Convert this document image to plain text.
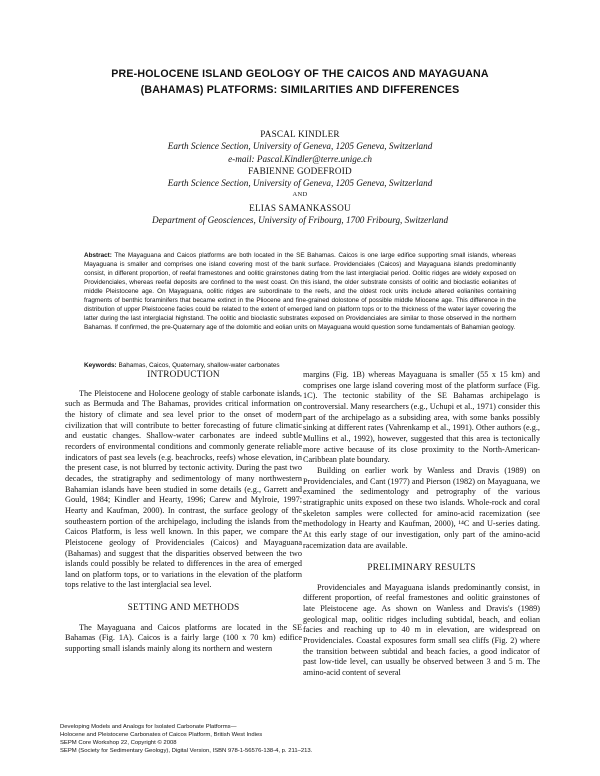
PRE-HOLOCENE ISLAND GEOLOGY OF THE CAICOS AND MAYAGUANA
(BAHAMAS) PLATFORMS: SIMILARITIES AND DIFFERENCES
PASCAL KINDLER
Earth Science Section, University of Geneva, 1205 Geneva, Switzerland
e-mail: Pascal.Kindler@terre.unige.ch
FABIENNE GODEFROID
Earth Science Section, University of Geneva, 1205 Geneva, Switzerland
AND
ELIAS SAMANKASSOU
Department of Geosciences, University of Fribourg, 1700 Fribourg, Switzerland
Abstract: The Mayaguana and Caicos platforms are both located in the SE Bahamas. Caicos is one large edifice supporting small islands, whereas Mayaguana is smaller and comprises one island covering most of the bank surface. Providenciales (Caicos) and Mayaguana islands predominantly consist, in different proportion, of reefal framestones and oolitic grainstones dating from the last interglacial period. Oolitic ridges are widely exposed on Providenciales, whereas reefal deposits are confined to the west coast. On this island, the older substrate consists of oolitic and bioclastic eolianites of middle Pleistocene age. On Mayaguana, oolitic ridges are subordinate to the reefs, and the oldest rock units include altered eolianites containing fragments of benthic foraminifers that became extinct in the Pliocene and fine-grained dolostone of possible middle Miocene age. This difference in the distribution of upper Pleistocene facies could be related to the extent of emerged land on platform tops or to the thickness of the water layer covering the latter during the last interglacial highstand. The oolitic and bioclastic substrates exposed on Providenciales are similar to those observed in the northern Bahamas. If confirmed, the pre-Quaternary age of the dolomitic and eolian units on Mayaguana would question some fundamentals of Bahamian geology.
Keywords: Bahamas, Caicos, Quaternary, shallow-water carbonates
INTRODUCTION

The Pleistocene and Holocene geology of stable carbonate islands, such as Bermuda and The Bahamas, provides critical information on the history of climate and sea level prior to the onset of modern civilization that will contribute to better forecasting of future climatic and eustatic changes. Shallow-water carbonates are indeed subtle recorders of environmental conditions and commonly generate reliable indicators of past sea levels (e.g. beachrocks, reefs) whose elevation, in the present case, is not blurred by tectonic activity. During the past two decades, the stratigraphy and sedimentology of many northwestern Bahamian islands have been studied in some details (e.g., Garrett and Gould, 1984; Kindler and Hearty, 1996; Carew and Mylroie, 1997; Hearty and Kaufman, 2000). In contrast, the surface geology of the southeastern portion of the archipelago, including the islands from the Caicos Platform, is less well known. In this paper, we compare the Pleistocene geology of Providenciales (Caicos) and Mayaguana (Bahamas) and suggest that the disparities observed between the two islands could possibly be related to differences in the area of emerged land on platform tops, or to variations in the elevation of the platform tops relative to the last interglacial sea level.

SETTING AND METHODS

The Mayaguana and Caicos platforms are located in the SE Bahamas (Fig. 1A). Caicos is a fairly large (100 x 70 km) edifice supporting small islands mainly along its northern and western

margins (Fig. 1B) whereas Mayaguana is smaller (55 x 15 km) and comprises one large island covering most of the platform surface (Fig. 1C). The tectonic stability of the SE Bahamas archipelago is controversial. Many researchers (e.g., Uchupi et al., 1971) consider this part of the archipelago as a subsiding area, with some banks possibly sinking at different rates (Vahrenkamp et al., 1991). Other authors (e.g., Mullins et al., 1992), however, suggested that this area is tectonically more active because of its close proximity to the North-American-Caribbean plate boundary.

Building on earlier work by Wanless and Dravis (1989) on Providenciales, and Cant (1977) and Pierson (1982) on Mayaguana, we examined the sedimentology and petrography of the various stratigraphic units exposed on these two islands. Whole-rock and coral skeleton samples were collected for amino-acid racemization (see methodology in Hearty and Kaufman, 2000), ¹⁴C and U-series dating. At this early stage of our investigation, only part of the amino-acid racemization data are available.

PRELIMINARY RESULTS

Providenciales and Mayaguana islands predominantly consist, in different proportion, of reefal framestones and oolitic grainstones of late Pleistocene age. As shown on Wanless and Dravis's (1989) geological map, oolitic ridges including subtidal, beach, and eolian facies and reaching up to 40 m in elevation, are widespread on Providenciales. Coastal exposures form small sea cliffs (Fig. 2) where the transition between subtidal and beach facies, a good indicator of past low-tide level, can usually be observed between 3 and 5 m. The amino-acid content of several

Developing Models and Analogs for Isolated Carbonate Platforms—
Holocene and Pleistocene Carbonates of Caicos Platform, British West Indies
SEPM Core Workshop 22, Copyright © 2008
SEPM (Society for Sedimentary Geology), Digital Version, ISBN 978-1-56576-138-4, p. 211–213.
